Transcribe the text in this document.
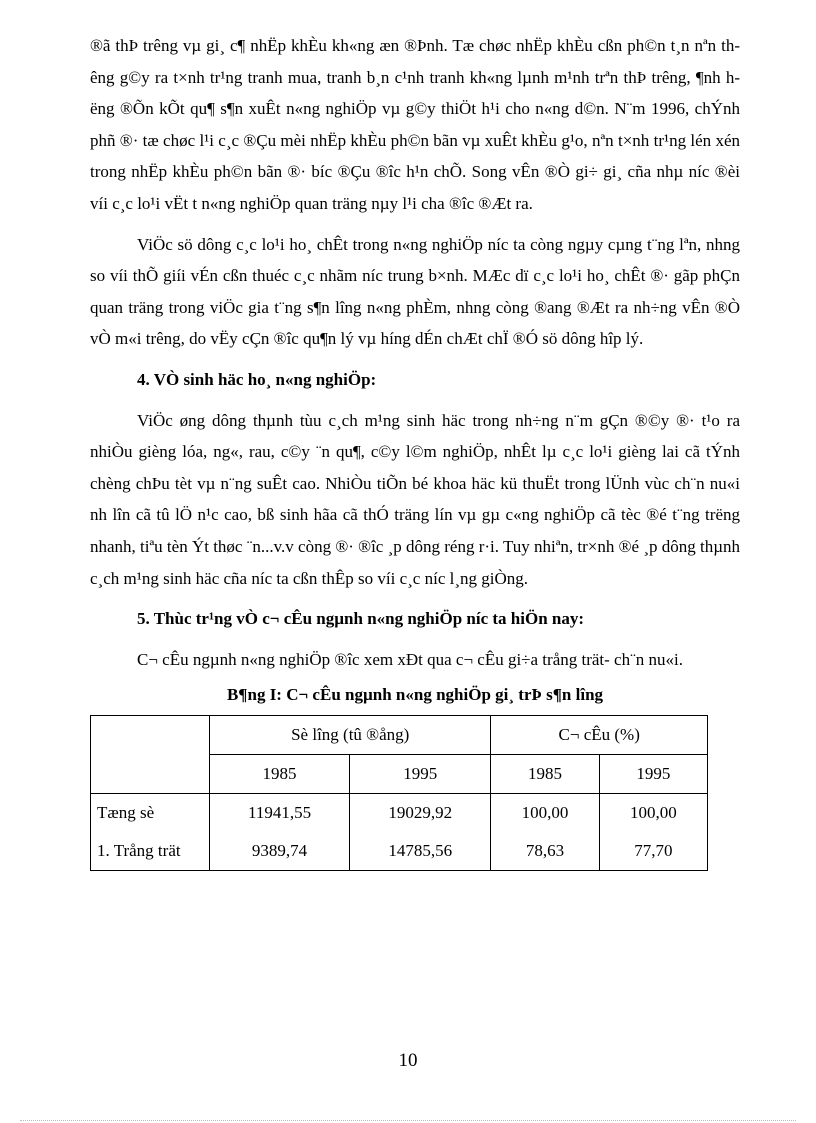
®ã thÞ trêng vµ gi¸ c¶ nhËp khÈu kh«ng æn ®Þnh. Tæ chøc nhËp khÈu cßn ph©n t¸n nªn thêng g©y ra t×nh tr¹ng tranh mua, tranh b¸n c¹nh tranh kh«ng lµnh m¹nh trªn thÞ trêng, ¶nh hëng ®Õn kÕt qu¶ s¶n xuÊt n«ng nghiÖp vµ g©y thiÖt h¹i cho n«ng d©n. N¨m 1996, chÝnh phñ ®· tæ chøc l¹i c¸c ®Çu mèi nhËp khÈu ph©n bãn vµ xuÊt khÈu g¹o, nªn t×nh tr¹ng lén xén trong nhËp khÈu ph©n bãn ®· bíc ®Çu ®îc h¹n chÕ. Song vÊn ®Ò gi÷ gi¸ cña nhµ níc ®èi víi c¸c lo¹i vËt t n«ng nghiÖp quan träng nµy l¹i cha ®îc ®Æt ra.

ViÖc sö dông c¸c lo¹i ho¸ chÊt trong n«ng nghiÖp níc ta còng ngµy cµng t¨ng lªn, nhng so víi thÕ giíi vÉn cßn thuéc c¸c nhãm níc trung b×nh. MÆc dï c¸c lo¹i ho¸ chÊt ®· gãp phÇn quan träng trong viÖc gia t¨ng s¶n lîng n«ng phÈm, nhng còng ®ang ®Æt ra nh÷ng vÊn ®Ò vÒ m«i trêng, do vËy cÇn ®îc qu¶n lý vµ híng dÉn chÆt chÏ ®Ó sö dông hîp lý.

4. VÒ sinh häc ho¸ n«ng nghiÖp:

ViÖc øng dông thµnh tùu c¸ch m¹ng sinh häc trong nh÷ng n¨m gÇn ®©y ®· t¹o ra nhiÒu gièng lóa, ng«, rau, c©y ¨n qu¶, c©y l©m nghiÖp, nhÊt lµ c¸c lo¹i gièng lai cã tÝnh chèng chÞu tèt vµ n¨ng suÊt cao. NhiÒu tiÕn bé khoa häc kü thuËt trong lÜnh vùc ch¨n nu«i nh lîn cã tû lÖ n¹c cao, bß sinh hãa cã thÓ träng lín vµ gµ c«ng nghiÖp cã tèc ®é t¨ng trëng nhanh, tiªu tèn Ýt thøc ¨n...v.v còng ®· ®îc ¸p dông réng r·i. Tuy nhiªn, tr×nh ®é ¸p dông thµnh c¸ch m¹ng sinh häc cña níc ta cßn thÊp so víi c¸c níc l¸ng giÒng.

5. Thùc tr¹ng vÒ c¬ cÊu ngµnh n«ng nghiÖp níc ta hiÖn nay:

C¬ cÊu ngµnh n«ng nghiÖp ®îc xem xÐt qua c¬ cÊu gi÷a trång trät- ch¨n nu«i.

B¶ng I: C¬ cÊu ngµnh n«ng nghiÖp gi¸ trÞ s¶n lîng
	Sè lîng (tû ®ång)		C¬ cÊu (%)	
	1985	1995	1985	1995
Tæng sè	11941,55	19029,92	100,00	100,00
1. Trång trät	9389,74	14785,56	78,63	77,70
10
